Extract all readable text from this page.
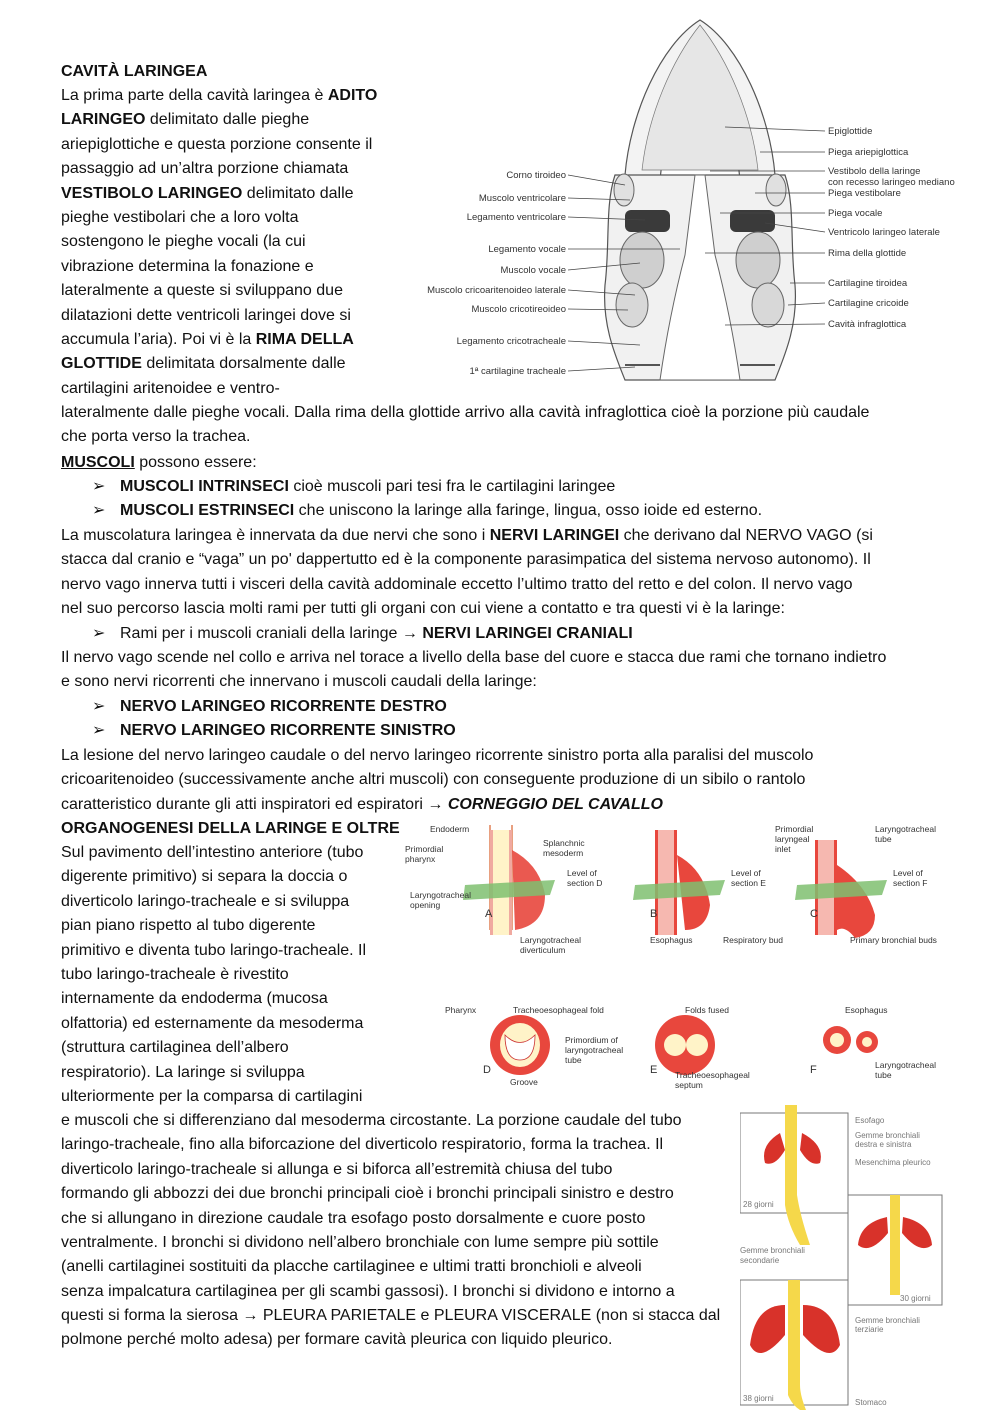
CAVITÀ LARINGEA
La prima parte della cavità laringea è ADITO
LARINGEO delimitato dalle pieghe
ariepiglottiche e questa porzione consente il
passaggio ad un’altra porzione chiamata
VESTIBOLO LARINGEO delimitato dalle
pieghe vestibolari che a loro volta
sostengono le pieghe vocali (la cui
vibrazione determina la fonazione e
lateralmente a queste si sviluppano due
dilatazioni dette ventricoli laringei dove si
accumula l’aria). Poi vi è la RIMA DELLA
GLOTTIDE delimitata dorsalmente dalle
cartilagini aritenoidee e ventro-
Corno tiroideo
Muscolo ventricolare
Legamento ventricolare
Legamento vocale
Muscolo vocale
Muscolo cricoaritenoideo laterale
Muscolo cricotireoideo
Legamento cricotracheale
1ª cartilagine tracheale
Epiglottide
Piega ariepiglottica
Vestibolo della laringe
con recesso laringeo mediano
Piega vestibolare
Piega vocale
Ventricolo laringeo laterale
Rima della glottide
Cartilagine tiroidea
Cartilagine cricoide
Cavità infraglottica
lateralmente dalle pieghe vocali. Dalla rima della glottide arrivo alla cavità infraglottica cioè la porzione più caudale
che porta verso la trachea.
MUSCOLI possono essere:
➢ MUSCOLI INTRINSECI cioè muscoli pari tesi fra le cartilagini laringee
➢ MUSCOLI ESTRINSECI che uniscono la laringe alla faringe, lingua, osso ioide ed esterno.
La muscolatura laringea è innervata da due nervi che sono i NERVI LARINGEI che derivano dal NERVO VAGO (si
stacca dal cranio e “vaga” un po' dappertutto ed è la componente parasimpatica del sistema nervoso autonomo). Il
nervo vago innerva tutti i visceri della cavità addominale eccetto l’ultimo tratto del retto e del colon. Il nervo vago
nel suo percorso lascia molti rami per tutti gli organi con cui viene a contatto e tra questi vi è la laringe:
➢ Rami per i muscoli craniali della laringe → NERVI LARINGEI CRANIALI
Il nervo vago scende nel collo e arriva nel torace a livello della base del cuore e stacca due rami che tornano indietro
e sono nervi ricorrenti che innervano i muscoli caudali della laringe:
➢ NERVO LARINGEO RICORRENTE DESTRO
➢ NERVO LARINGEO RICORRENTE SINISTRO
La lesione del nervo laringeo caudale o del nervo laringeo ricorrente sinistro porta alla paralisi del muscolo
cricoaritenoideo (successivamente anche altri muscoli) con conseguente produzione di un sibilo o rantolo
caratteristico durante gli atti inspiratori ed espiratori → CORNEGGIO DEL CAVALLO
ORGANOGENESI DELLA LARINGE E OLTRE
Sul pavimento dell’intestino anteriore (tubo
digerente primitivo) si separa la doccia o
diverticolo laringo-tracheale e si sviluppa
pian piano rispetto al tubo digerente
primitivo e diventa tubo laringo-tracheale. Il
tubo laringo-tracheale è rivestito
internamente da endoderma (mucosa
olfattoria) ed esternamente da mesoderma
(struttura cartilaginea dell’albero
respiratorio). La laringe si sviluppa
ulteriormente per la comparsa di cartilagini
e muscoli che si differenziano dal mesoderma circostante. La porzione caudale del tubo
laringo-tracheale, fino alla biforcazione del diverticolo respiratorio, forma la trachea. Il
diverticolo laringo-tracheale si allunga e si biforca all’estremità chiusa del tubo
formando gli abbozzi dei due bronchi principali cioè i bronchi principali sinistro e destro
che si allungano in direzione caudale tra esofago posto dorsalmente e cuore posto
ventralmente. I bronchi si dividono nell’albero bronchiale con lume sempre più sottile
(anelli cartilaginei sostituiti da placche cartilaginee e ultimi tratti bronchioli e alveoli
senza impalcatura cartilaginea per gli scambi gassosi). I bronchi si dividono e intorno a
questi si forma la sierosa → PLEURA PARIETALE e PLEURA VISCERALE (non si stacca dal
polmone perché molto adesa) per formare cavità pleurica con liquido pleurico.
Endoderm
Splanchnic
mesoderm
Primordial
pharynx
Level of
section D
Laryngotracheal
opening
Laryngotracheal
diverticulum
A
Level of
section E
Esophagus	Respiratory bud
B
Primordial
laryngeal
inlet
Laryngotracheal
tube
Level of
section F
Primary bronchial buds
C
Pharynx	Tracheoesophageal fold
Primordium of
laryngotracheal
tube
Groove
D
Folds fused
Tracheoesophageal
septum
E
Esophagus
Laryngotracheal
tube
F
Esofago
Gemme bronchiali
destra e sinistra
Mesenchima pleurico
28 giorni
Gemme bronchiali
secondarie
30 giorni
Gemme bronchiali
terziarie
38 giorni	Stomaco
